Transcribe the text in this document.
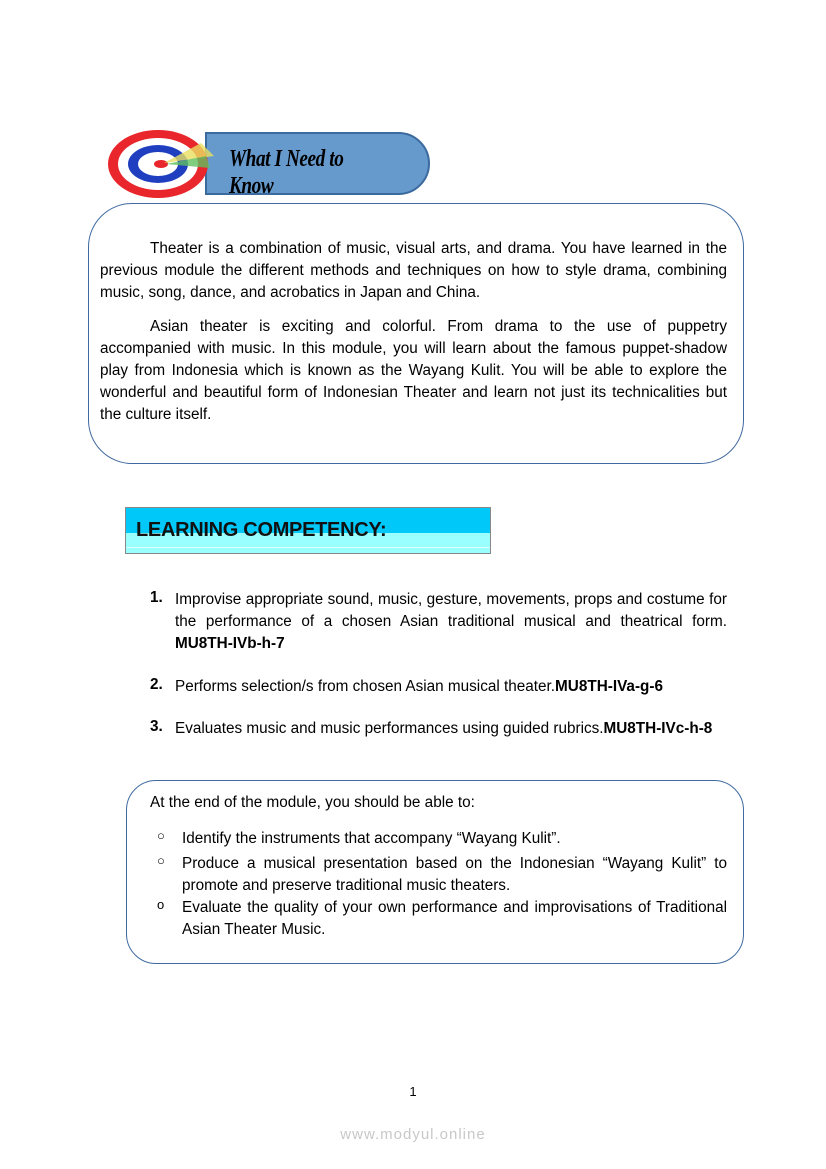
What I Need to Know

Theater is a combination of music, visual arts, and drama. You have learned in the previous module the different methods and techniques on how to style drama, combining music, song, dance, and acrobatics in Japan and China.

Asian theater is exciting and colorful. From drama to the use of puppetry accompanied with music. In this module, you will learn about the famous puppet-shadow play from Indonesia which is known as the Wayang Kulit. You will be able to explore the wonderful and beautiful form of Indonesian Theater and learn not just its technicalities but the culture itself.

LEARNING COMPETENCY:
1. Improvise appropriate sound, music, gesture, movements, props and costume for the performance of a chosen Asian traditional musical and theatrical form. MU8TH-IVb-h-7

2. Performs selection/s from chosen Asian musical theater.MU8TH-IVa-g-6

3. Evaluates music and music performances using guided rubrics.MU8TH-IVc-h-8

At the end of the module, you should be able to:

○ Identify the instruments that accompany “Wayang Kulit”.

○ Produce a musical presentation based on the Indonesian “Wayang Kulit” to promote and preserve traditional music theaters.

o Evaluate the quality of your own performance and improvisations of Traditional Asian Theater Music.

1
www.modyul.online
